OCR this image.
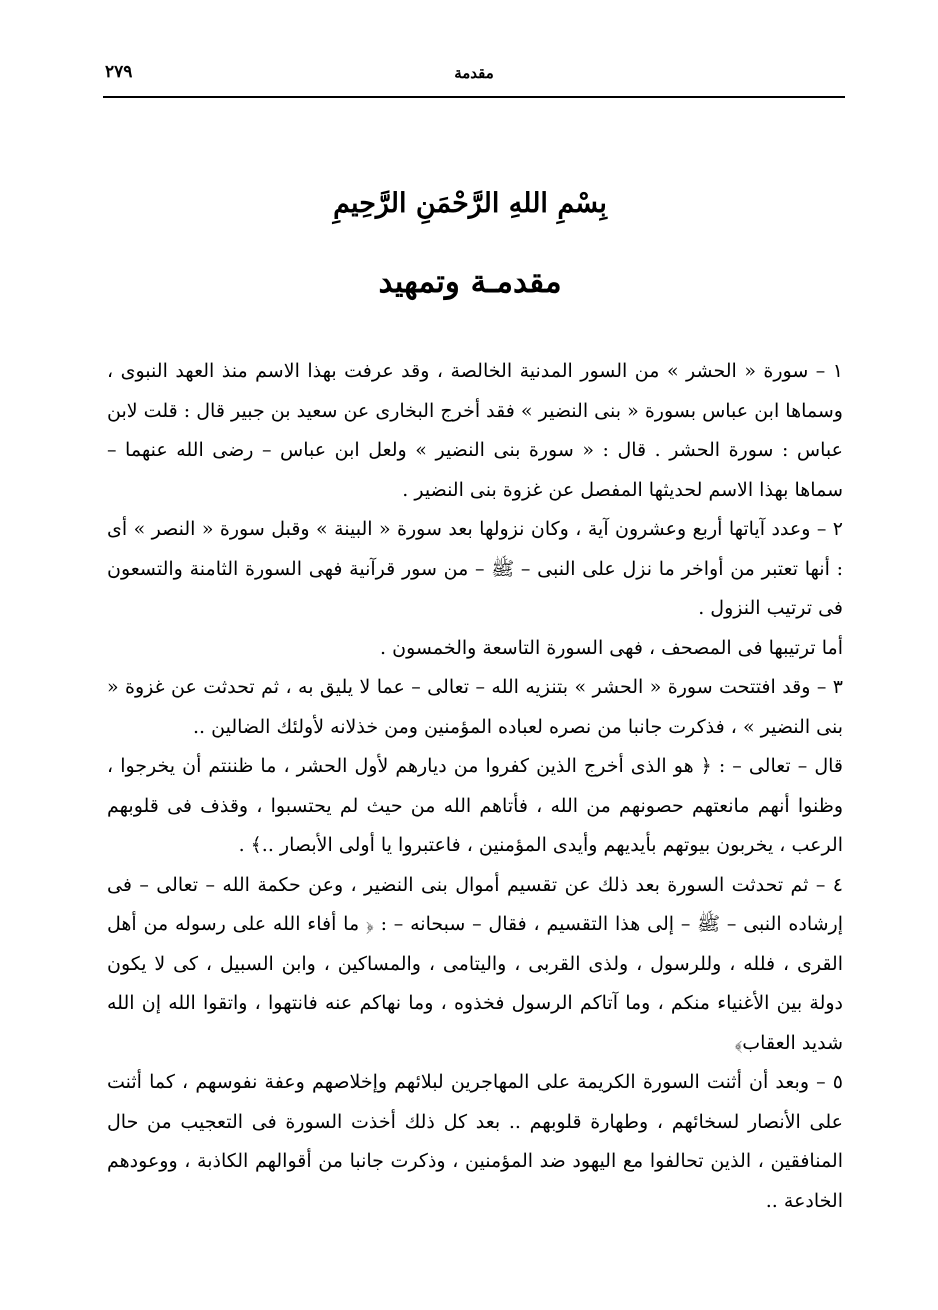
مقدمة
٢٧٩
بِسْمِ اللهِ الرَّحْمَنِ الرَّحِيمِ
مقدمـة وتمهيد

١ – سورة « الحشر » من السور المدنية الخالصة ، وقد عرفت بهذا الاسم منذ العهد النبوى ، وسماها ابن عباس بسورة « بنى النضير » فقد أخرج البخارى عن سعيد بن جبير قال : قلت لابن عباس : سورة الحشر . قال : « سورة بنى النضير » ولعل ابن عباس – رضى الله عنهما – سماها بهذا الاسم لحديثها المفصل عن غزوة بنى النضير .

٢ – وعدد آياتها أربع وعشرون آية ، وكان نزولها بعد سورة « البينة » وقبل سورة « النصر » أى : أنها تعتبر من أواخر ما نزل على النبى – ﷺ – من سور قرآنية فهى السورة الثامنة والتسعون فى ترتيب النزول .

أما ترتيبها فى المصحف ، فهى السورة التاسعة والخمسون .

٣ – وقد افتتحت سورة « الحشر » بتنزيه الله – تعالى – عما لا يليق به ، ثم تحدثت عن غزوة « بنى النضير » ، فذكرت جانبا من نصره لعباده المؤمنين ومن خذلانه لأولئك الضالين ..

قال – تعالى – : ﴿ هو الذى أخرج الذين كفروا من ديارهم لأول الحشر ، ما ظننتم أن يخرجوا ، وظنوا أنهم مانعتهم حصونهم من الله ، فأتاهم الله من حيث لم يحتسبوا ، وقذف فى قلوبهم الرعب ، يخربون بيوتهم بأيديهم وأيدى المؤمنين ، فاعتبروا يا أولى الأبصار ..﴾ .

٤ – ثم تحدثت السورة بعد ذلك عن تقسيم أموال بنى النضير ، وعن حكمة الله – تعالى – فى إرشاده النبى – ﷺ – إلى هذا التقسيم ، فقال – سبحانه – : ﴿ ما أفاء الله على رسوله من أهل القرى ، فلله ، وللرسول ، ولذى القربى ، واليتامى ، والمساكين ، وابن السبيل ، كى لا يكون دولة بين الأغنياء منكم ، وما آتاكم الرسول فخذوه ، وما نهاكم عنه فانتهوا ، واتقوا الله إن الله شديد العقاب﴾

٥ – وبعد أن أثنت السورة الكريمة على المهاجرين لبلائهم وإخلاصهم وعفة نفوسهم ، كما أثنت على الأنصار لسخائهم ، وطهارة قلوبهم .. بعد كل ذلك أخذت السورة فى التعجيب من حال المنافقين ، الذين تحالفوا مع اليهود ضد المؤمنين ، وذكرت جانبا من أقوالهم الكاذبة ، ووعودهم الخادعة ..
